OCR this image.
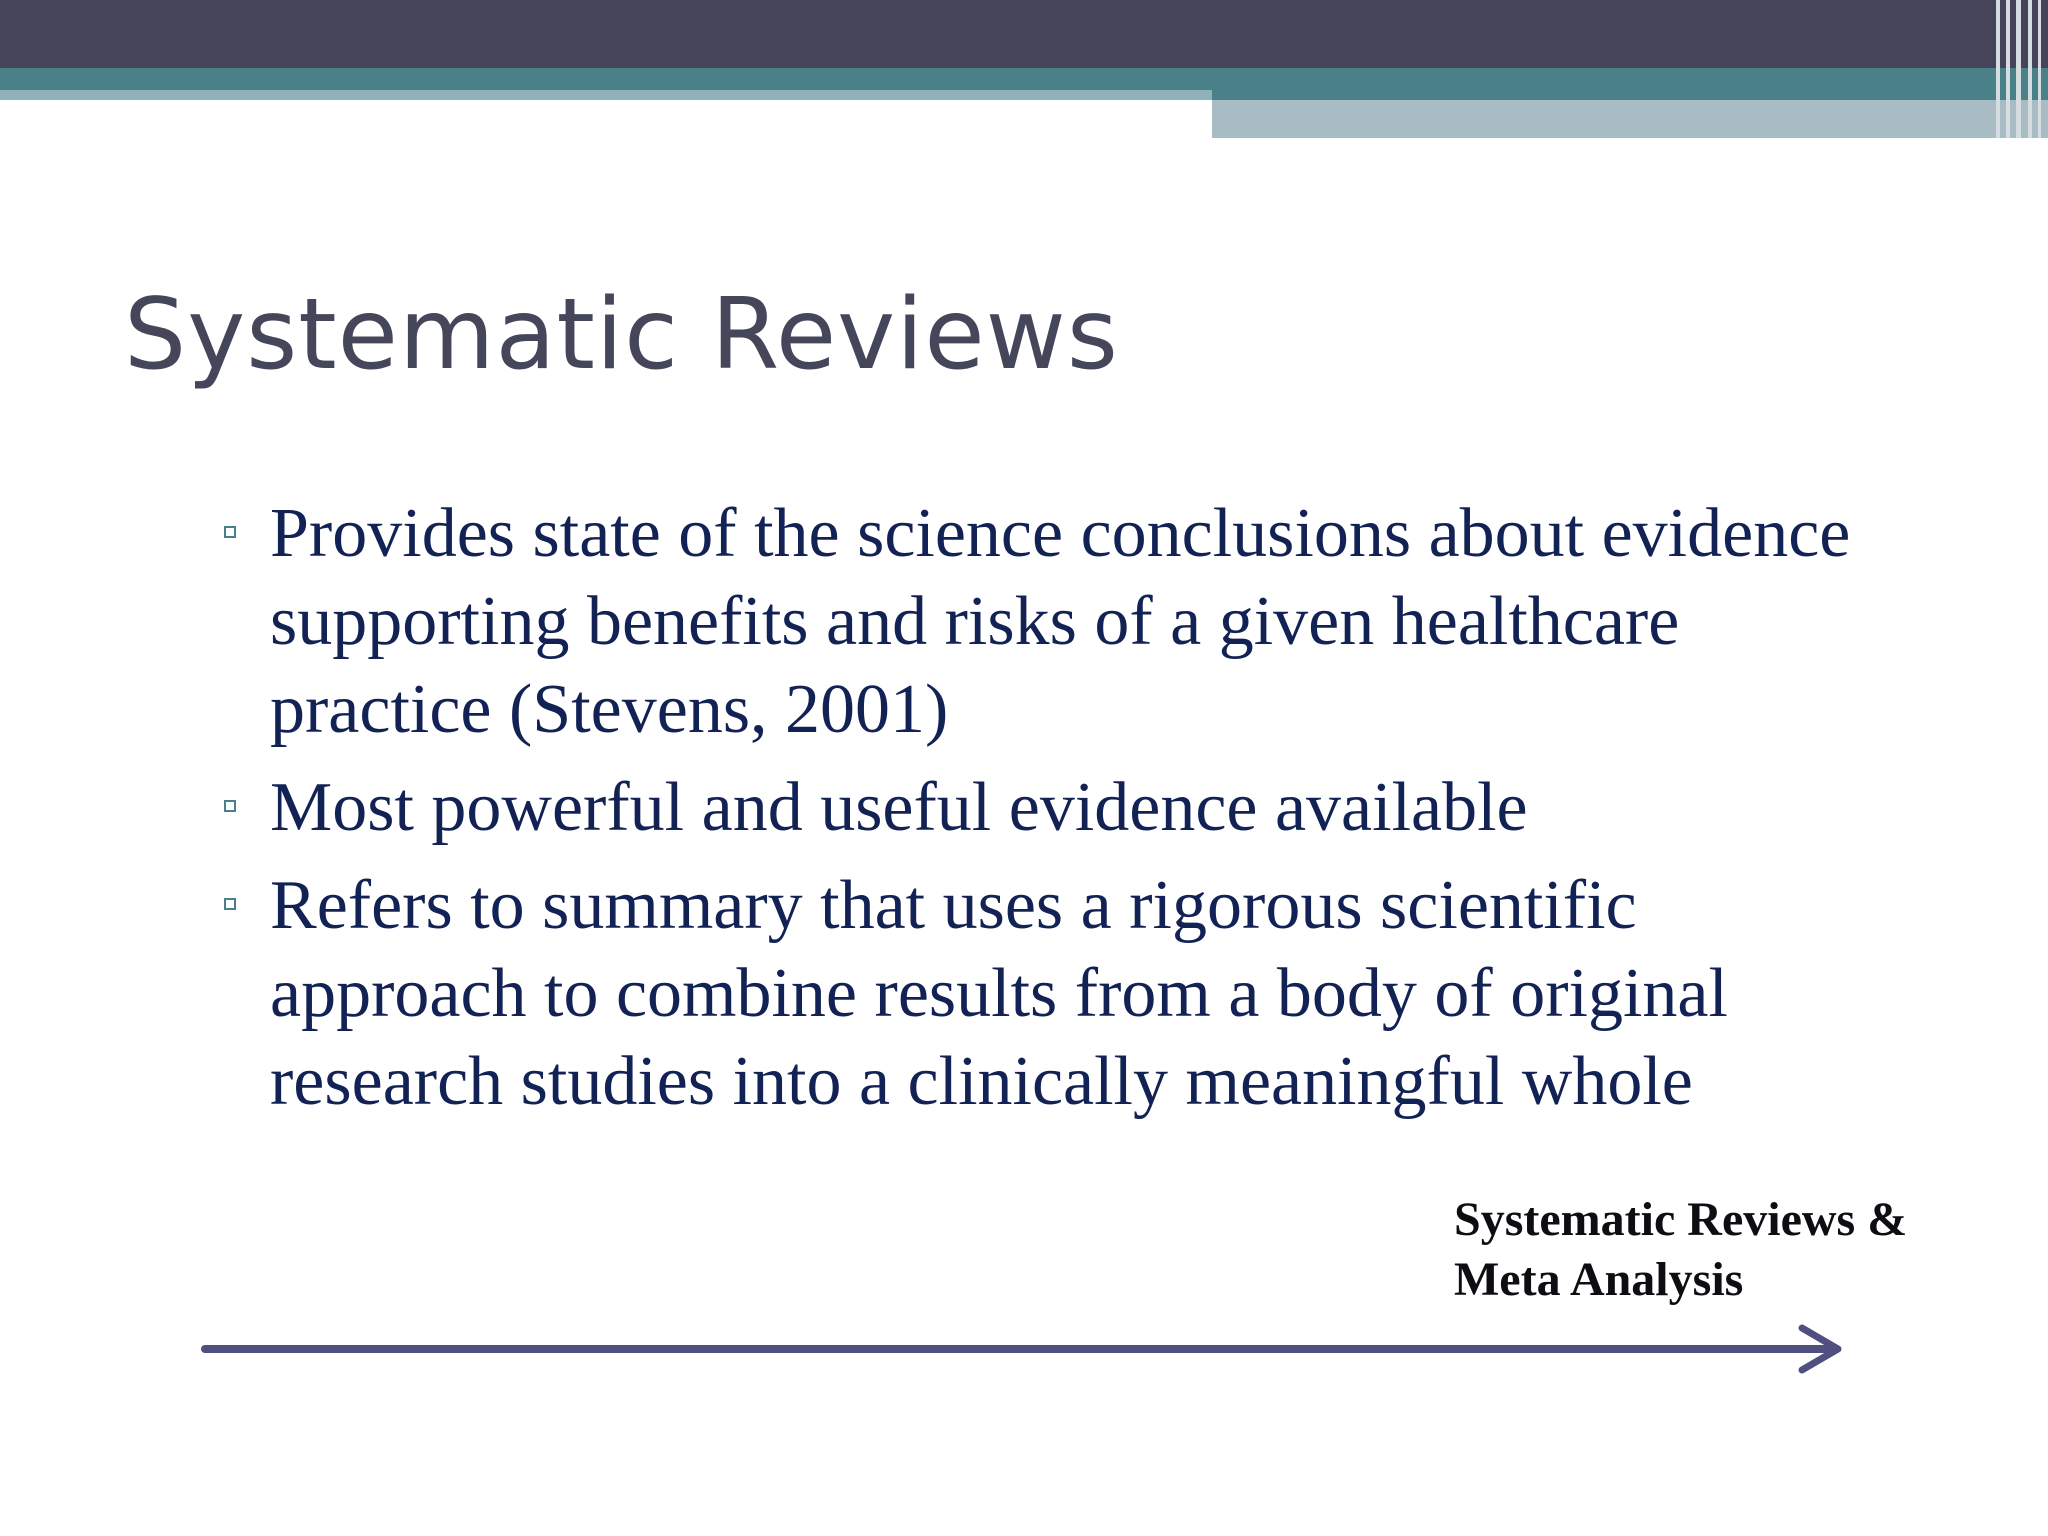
Systematic Reviews
Provides state of the science conclusions about evidence supporting benefits and risks of a given healthcare practice (Stevens, 2001)
Most powerful and useful evidence available
Refers to summary that uses a rigorous scientific approach to combine results from a body of original research studies into a clinically meaningful whole
Systematic Reviews &
Meta Analysis
